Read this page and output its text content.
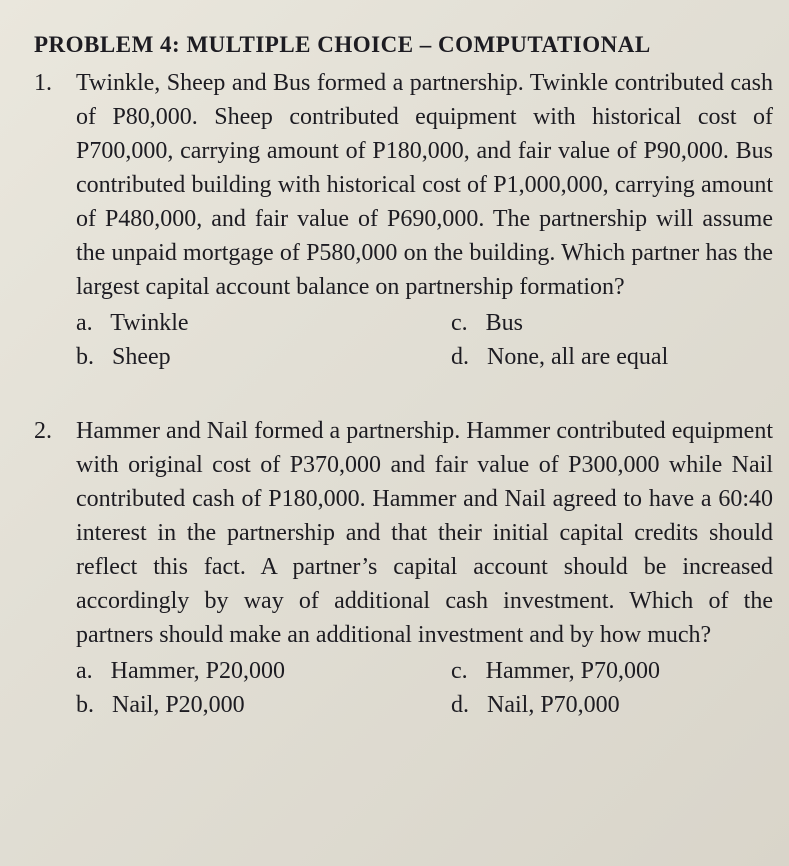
PROBLEM 4: MULTIPLE CHOICE – COMPUTATIONAL
1. Twinkle, Sheep and Bus formed a partnership. Twinkle contributed cash of P80,000. Sheep contributed equipment with historical cost of P700,000, carrying amount of P180,000, and fair value of P90,000. Bus contributed building with historical cost of P1,000,000, carrying amount of P480,000, and fair value of P690,000. The partnership will assume the unpaid mortgage of P580,000 on the building. Which partner has the largest capital account balance on partnership formation?

a.   Twinkle	c.   Bus
b.   Sheep	d.   None, all are equal
2. Hammer and Nail formed a partnership. Hammer contributed equipment with original cost of P370,000 and fair value of P300,000 while Nail contributed cash of P180,000. Hammer and Nail agreed to have a 60:40 interest in the partnership and that their initial capital credits should reflect this fact. A partner’s capital account should be increased accordingly by way of additional cash investment. Which of the partners should make an additional investment and by how much?

a.   Hammer, P20,000	c.   Hammer, P70,000
b.   Nail, P20,000	d.   Nail, P70,000
